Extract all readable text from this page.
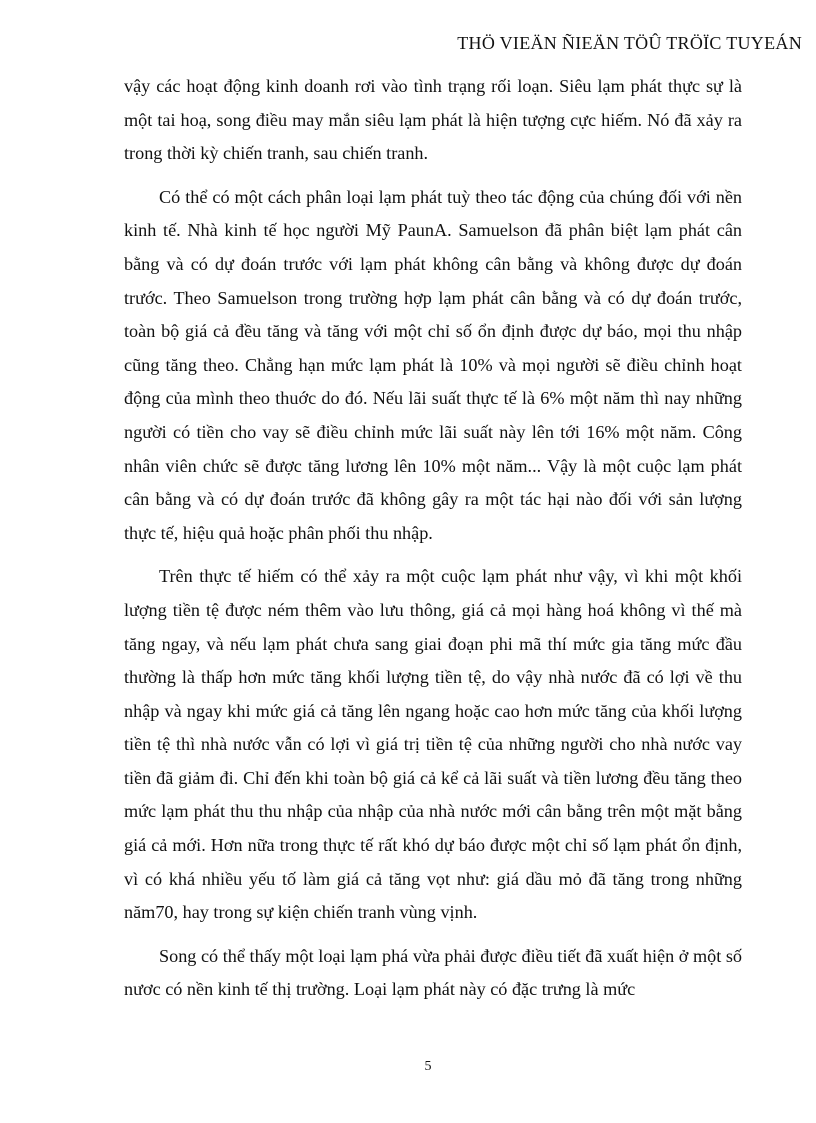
THÖ VIEÄN ÑIEÄN TÖÛ TRÖÏC TUYEÁN

vậy các hoạt động kinh doanh rơi vào tình trạng rối loạn. Siêu lạm phát thực sự là một tai hoạ, song điều may mắn siêu lạm phát là hiện tượng cực hiếm. Nó đã xảy ra trong thời kỳ chiến tranh, sau chiến tranh.

Có thể có một cách phân loại lạm phát tuỳ theo tác động của chúng đối với nền kinh tế. Nhà kinh tế học người Mỹ PaunA. Samuelson đã phân biệt lạm phát cân bằng và có dự đoán trước với lạm phát không cân bằng và không được dự đoán trước. Theo Samuelson trong trường hợp lạm phát cân bằng và có dự đoán trước, toàn bộ giá cả đều tăng và tăng với một chỉ số ổn định được dự báo, mọi thu nhập cũng tăng theo. Chẳng hạn mức lạm phát là 10% và mọi người sẽ điều chỉnh hoạt động của mình theo thuớc do đó. Nếu lãi suất thực tế là 6% một năm thì nay những người có tiền cho vay sẽ điều chỉnh mức lãi suất này lên tới 16% một năm. Công nhân viên chức sẽ được tăng lương lên 10% một năm... Vậy là một cuộc lạm phát cân bằng và có dự đoán trước đã không gây ra một tác hại nào đối với sản lượng thực tế, hiệu quả hoặc phân phối thu nhập.

Trên thực tế hiếm có thể xảy ra một cuộc lạm phát như vậy, vì khi một khối lượng tiền tệ được ném thêm vào lưu thông, giá cả mọi hàng hoá không vì thế mà tăng ngay, và nếu lạm phát chưa sang giai đoạn phi mã thí mức gia tăng mức đầu thường là thấp hơn mức tăng khối lượng tiền tệ, do vậy nhà nước đã có lợi về thu nhập và ngay khi mức giá cả tăng lên ngang hoặc cao hơn mức tăng của khối lượng tiền tệ thì nhà nước vẫn có lợi vì giá trị tiền tệ của những người cho nhà nước vay tiền đã giảm đi. Chỉ đến khi toàn bộ giá cả kể cả lãi suất và tiền lương đều tăng theo mức lạm phát thu thu nhập của nhập của nhà nước mới cân bằng trên một mặt bằng giá cả mới. Hơn nữa trong thực tế rất khó dự báo được một chỉ số lạm phát ổn định, vì có khá nhiều yếu tố làm giá cả tăng vọt như: giá dầu mỏ đã tăng trong những năm70, hay trong sự kiện chiến tranh vùng vịnh.

Song có thể thấy một loại lạm phá vừa phải được điều tiết đã xuất hiện ở một số nươc có nền kinh tế thị trường. Loại lạm phát này có đặc trưng là mức

5
